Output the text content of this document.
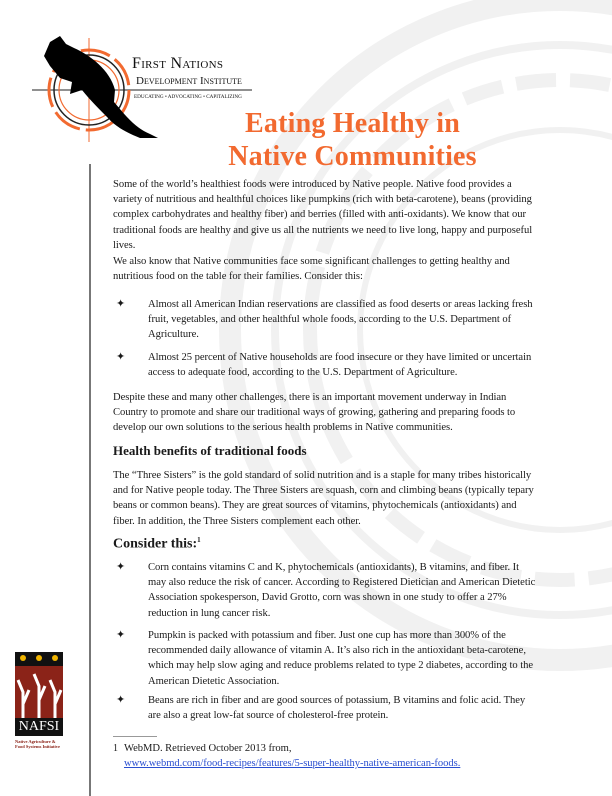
First Nations
Development Institute
EDUCATING • ADVOCATING • CAPITALIZING
Eating Healthy in
Native Communities
Some of the world’s healthiest foods were introduced by Native people. Native food provides a
variety of nutritious and healthful choices like pumpkins (rich with beta-carotene), beans (providing
complex carbohydrates and healthy fiber) and berries (filled with anti-oxidants). We know that our
traditional foods are healthy and give us all the nutrients we need to live long, happy and purposeful
lives.
We also know that Native communities face some significant challenges to getting healthy and
nutritious food on the table for their families. Consider this:
✦ Almost all American Indian reservations are classified as food deserts or areas lacking fresh
fruit, vegetables, and other healthful whole foods, according to the U.S. Department of
Agriculture.
✦ Almost 25 percent of Native households are food insecure or they have limited or uncertain
access to adequate food, according to the U.S. Department of Agriculture.
Despite these and many other challenges, there is an important movement underway in Indian
Country to promote and share our traditional ways of growing, gathering and preparing foods to
develop our own solutions to the serious health problems in Native communities.
Health benefits of traditional foods
The “Three Sisters” is the gold standard of solid nutrition and is a staple for many tribes historically
and for Native people today. The Three Sisters are squash, corn and climbing beans (typically tepary
beans or common beans). They are great sources of vitamins, phytochemicals (antioxidants) and
fiber. In addition, the Three Sisters complement each other.
Consider this:$^1$
✦ Corn contains vitamins C and K, phytochemicals (antioxidants), B vitamins, and fiber. It
may also reduce the risk of cancer. According to Registered Dietician and American Dietetic
Association spokesperson, David Grotto, corn was shown in one study to offer a 27%
reduction in lung cancer risk.
✦ Pumpkin is packed with potassium and fiber. Just one cup has more than 300% of the
recommended daily allowance of vitamin A. It’s also rich in the antioxidant beta-carotene,
which may help slow aging and reduce problems related to type 2 diabetes, according to the
American Dietetic Association.
✦ Beans are rich in fiber and are good sources of potassium, B vitamins and folic acid. They
are also a great low-fat source of cholesterol-free protein.
1 WebMD. Retrieved October 2013 from,
www.webmd.com/food-recipes/features/5-super-healthy-native-american-foods.
NAFSI
Native Agriculture &
Food Systems Initiative
